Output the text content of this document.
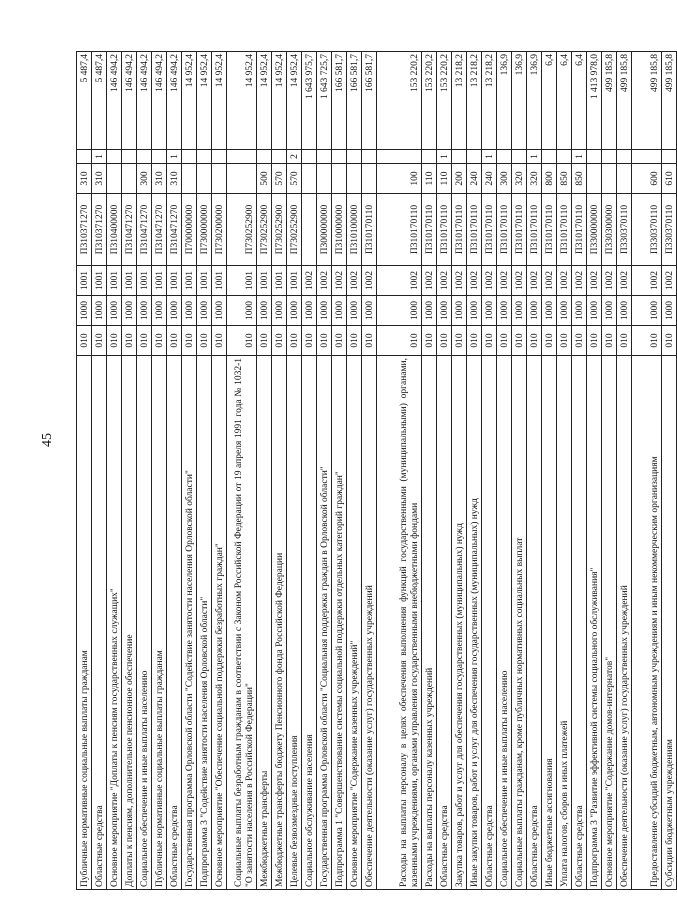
45
Публичные нормативные социальные выплаты гражданам	010	1000	1001	П310371270	310		5 487,4
Областные средства	010	1000	1001	П310371270	310	1	5 487,4
Основное мероприятие "Доплаты к пенсиям государственных служащих"	010	1000	1001	П310400000			146 494,2
Доплаты к пенсиям, дополнительное пенсионное обеспечение	010	1000	1001	П310471270			146 494,2
Социальное обеспечение и иные выплаты населению	010	1000	1001	П310471270	300		146 494,2
Публичные нормативные социальные выплаты гражданам	010	1000	1001	П310471270	310		146 494,2
Областные средства	010	1000	1001	П310471270	310	1	146 494,2
Государственная программа Орловской области "Содействие занятости населения Орловской области"	010	1000	1001	П700000000			14 952,4
Подпрограмма 3 "Содействие занятости населения Орловской области"	010	1000	1001	П730000000			14 952,4
Основное мероприятие "Обеспечение социальной поддержки безработных граждан"	010	1000	1001	П730200000			14 952,4
Социальные выплаты безработным гражданам в соответствии с Законом Российской Федерации от 19 апреля 1991 года № 1032-1 "О занятости населения в Российской Федерации"	010	1000	1001	П730252900			14 952,4
Межбюджетные трансферты	010	1000	1001	П730252900	500		14 952,4
Межбюджетные трансферты бюджету Пенсионного фонда Российской Федерации	010	1000	1001	П730252900	570		14 952,4
Целевые безвозмездные поступления	010	1000	1001	П730252900	570	2	14 952,4
Социальное обслуживание населения	010	1000	1002				1 643 975,7
Государственная программа Орловской области "Социальная поддержка граждан в Орловской области"	010	1000	1002	П300000000			1 643 725,7
Подпрограмма 1 "Совершенствование системы социальной поддержки отдельных категорий граждан"	010	1000	1002	П310000000			166 581,7
Основное мероприятие "Содержание казенных учреждений"	010	1000	1002	П310100000			166 581,7
Обеспечение деятельности (оказание услуг) государственных учреждений	010	1000	1002	П310170110			166 581,7
Расходы на выплаты персоналу в целях обеспечения выполнения функций государственными (муниципальными) органами, казенными учреждениями, органами управления государственными внебюджетными фондами	010	1000	1002	П310170110	100		153 220,2
Расходы на выплаты персоналу казенных учреждений	010	1000	1002	П310170110	110		153 220,2
Областные средства	010	1000	1002	П310170110	110	1	153 220,2
Закупка товаров, работ и услуг для обеспечения государственных (муниципальных) нужд	010	1000	1002	П310170110	200		13 218,2
Иные закупки товаров, работ и услуг для обеспечения государственных (муниципальных) нужд	010	1000	1002	П310170110	240		13 218,2
Областные средства	010	1000	1002	П310170110	240	1	13 218,2
Социальное обеспечение и иные выплаты населению	010	1000	1002	П310170110	300		136,9
Социальные выплаты гражданам, кроме публичных нормативных социальных выплат	010	1000	1002	П310170110	320		136,9
Областные средства	010	1000	1002	П310170110	320	1	136,9
Иные бюджетные ассигнования	010	1000	1002	П310170110	800		6,4
Уплата налогов, сборов и иных платежей	010	1000	1002	П310170110	850		6,4
Областные средства	010	1000	1002	П310170110	850	1	6,4
Подпрограмма 3 "Развитие эффективной системы социального обслуживания"	010	1000	1002	П330000000			1 413 978,0
Основное мероприятие "Содержание домов-интернатов"	010	1000	1002	П330300000			499 185,8
Обеспечение деятельности (оказание услуг) государственных учреждений	010	1000	1002	П330370110			499 185,8
Предоставление субсидий бюджетным, автономным учреждениям и иным некоммерческим организациям	010	1000	1002	П330370110	600		499 185,8
Субсидии бюджетным учреждениям	010	1000	1002	П330370110	610		499 185,8
